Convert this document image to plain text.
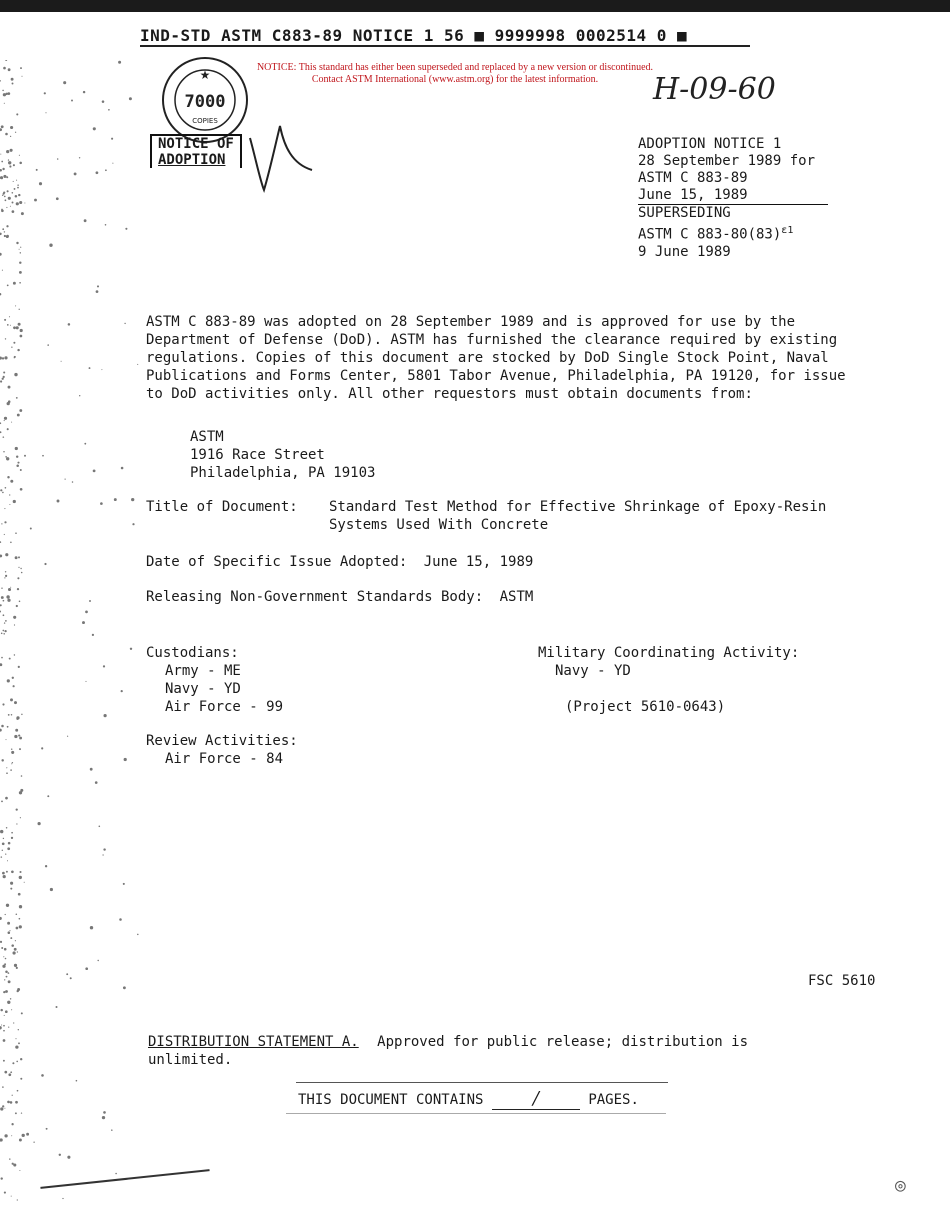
IND-STD ASTM C883-89 NOTICE 1 56 ■ 9999998 0002514 0 ■
NOTICE: This standard has either been superseded and replaced by a new version or discontinued.
Contact ASTM International (www.astm.org) for the latest information.
★
7000
COPIES
H-09-60
NOTICE OF
ADOPTION
ADOPTION NOTICE 1
28 September 1989 for
ASTM C 883-89
June 15, 1989
SUPERSEDING
ASTM C $883-80(83)^{\varepsilon 1}$
9 June 1989
ASTM C 883-89 was adopted on 28 September 1989 and is approved for use by the
Department of Defense (DoD). ASTM has furnished the clearance required by existing
regulations. Copies of this document are stocked by DoD Single Stock Point, Naval
Publications and Forms Center, 5801 Tabor Avenue, Philadelphia, PA 19120, for issue
to DoD activities only. All other requestors must obtain documents from:
ASTM
1916 Race Street
Philadelphia, PA 19103
Title of Document: Standard Test Method for Effective Shrinkage of Epoxy-Resin
Systems Used With Concrete
Date of Specific Issue Adopted: June 15, 1989
Releasing Non-Government Standards Body: ASTM
Custodians:
Army - ME
Navy - YD
Air Force - 99
Military Coordinating Activity:
Navy - YD
(Project 5610-0643)
Review Activities:
Air Force - 84
FSC 5610
DISTRIBUTION STATEMENT A. Approved for public release; distribution is
unlimited.
THIS DOCUMENT CONTAINS	/	PAGES.
◎
